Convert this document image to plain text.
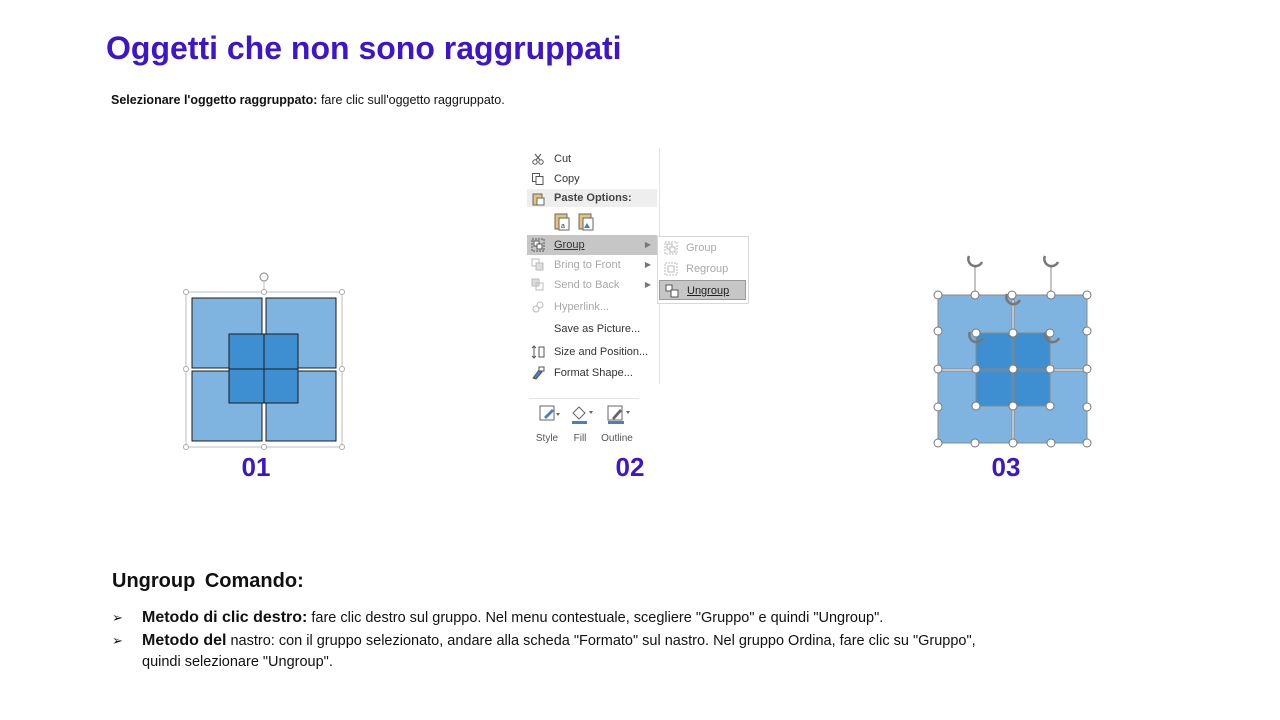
Oggetti che non sono raggruppati
Selezionare l'oggetto raggruppato: fare clic sull'oggetto raggruppato.
01
Cut
Copy
Paste Options:
a
Group	▶
Bring to Front	▶
Send to Back	▶
Hyperlink...
Save as Picture...
Size and Position...
Format Shape...
Group
Regroup
Ungroup
Style	Fill	Outline
02	03
Ungroup Comando:
➢ Metodo di clic destro: fare clic destro sul gruppo. Nel menu contestuale, scegliere "Gruppo" e quindi "Ungroup".
➢ Metodo del nastro: con il gruppo selezionato, andare alla scheda "Formato" sul nastro. Nel gruppo Ordina, fare clic su "Gruppo", quindi selezionare "Ungroup".
